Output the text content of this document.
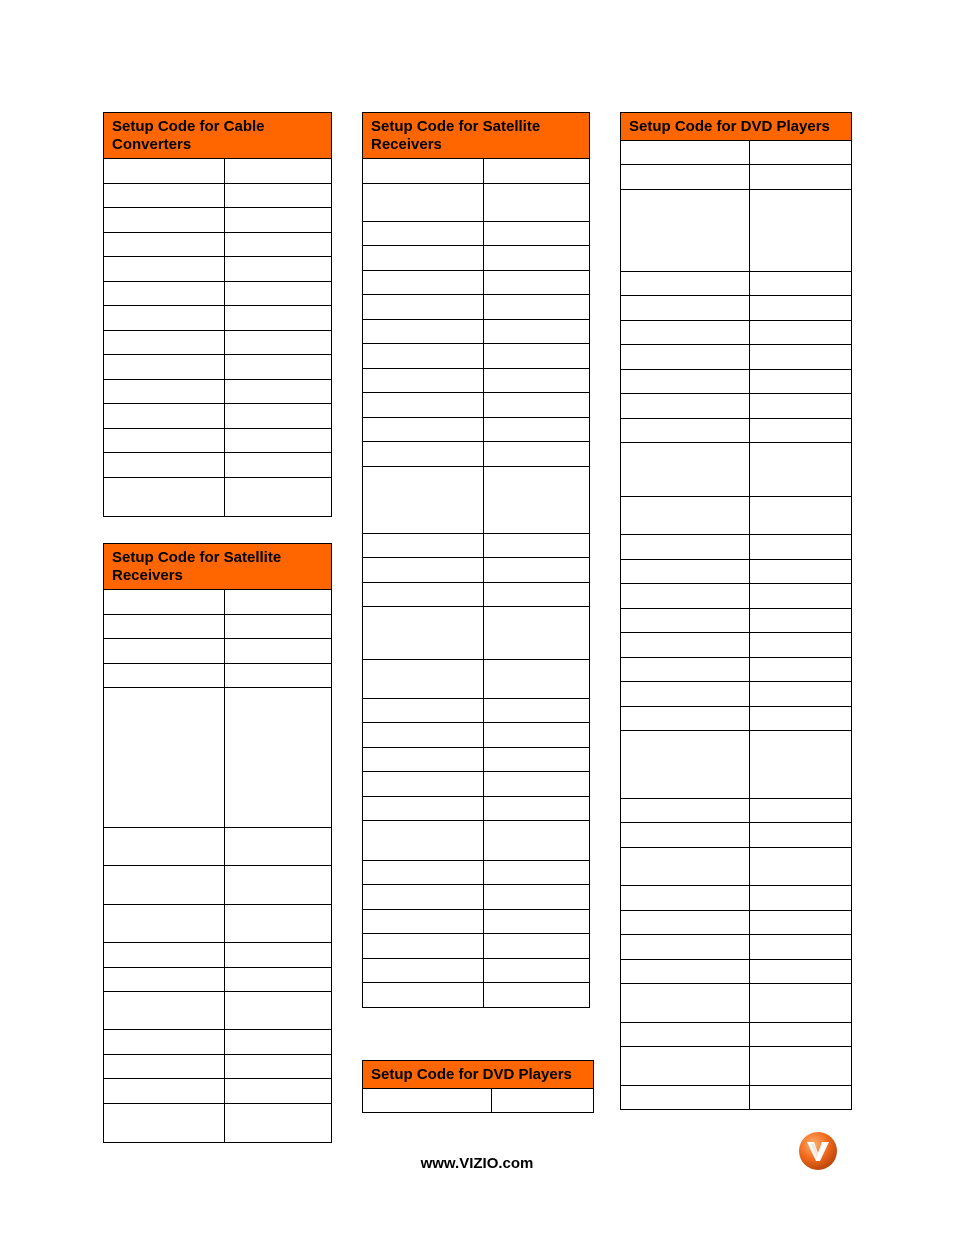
Setup Code for Cable Converters	

Setup Code for Satellite Receivers	

Setup Code for Satellite Receivers	

Setup Code for DVD Players

Setup Code for DVD Players	

www.VIZIO.com
